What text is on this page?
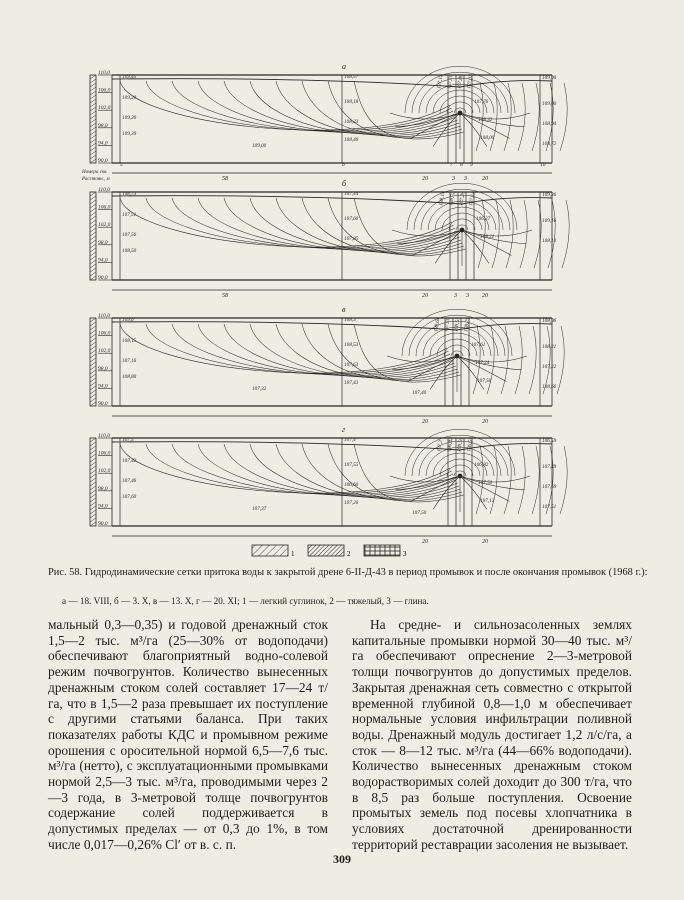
а
110,0
106,0
102,0
98,0
94,0
90,0
109,45	108,57	107,12 107,10 107,08 107,07	109,00
109,20
108,18	107,76	109,00
109,20
108,23	108,32
108,94
109,39
108,40	108,00
108,72
109,00
58	20	3 3	20
Номера скв.
Расстоян., м
5	6	7 8 9	10
б
110,0
106,0
102,0
98,0
94,0
90,0
108,73	107,44	108,14 108,72 107,28 107,14	109,36
107,51
107,60	106,27	109,16
107,56
107,85	108,21
108,10
108,50
58	20	3 3 20
в
110,0
106,0
102,0
98,0
94,0
90,0
109,6	108,3	108,64 107,10 108,53 108,75	108,96
108,15
108,53	107,61	108,21
107,16
107,63	107,24
107,22
108,80
107,43	107,50
108,66
107,32
107,40
20	20
г
110,0
106,0
102,0
98,0
94,0
90,0
107,5	107,4	107,3 106,82 108,59 106,53	106,59
107,42
107,55	106,82	107,49
107,46
106,60	107,50
107,69
107,60
107,20	107,12
107,51
107,37
107,50
20	20
1	2	3
Рис. 58. Гидродинамические сетки притока воды к закрытой дрене 6-II-Д-43 в период промывок и после окончания промывок (1968 г.):
а — 18. VIII, б — 3. X, в — 13. X, г — 20. XI; 1 — легкий суглинок, 2 — тяжелый, 3 — глина.

мальный 0,3—0,35) и годовой дренажный сток 1,5—2 тыс. м³/га (25—30% от водоподачи) обеспечивают благоприятный водно-солевой режим почвогрунтов. Количество вынесенных дренажным стоком солей составляет 17—24 т/га, что в 1,5—2 раза превышает их поступление с другими статьями баланса. При таких показателях работы КДС и промывном режиме орошения с оросительной нормой 6,5—7,6 тыс. м³/га (нетто), с эксплуатационными промывками нормой 2,5—3 тыс. м³/га, проводимыми через 2—3 года, в 3-метровой толще почвогрунтов содержание солей поддерживается в допустимых пределах — от 0,3 до 1%, в том числе 0,017—0,26% Cl′ от в. с. п.

На средне- и сильнозасоленных землях капитальные промывки нормой 30—40 тыс. м³/га обеспечивают опреснение 2—3-метровой толщи почвогрунтов до допустимых пределов. Закрытая дренажная сеть совместно с открытой временной глубиной 0,8—1,0 м обеспечивает нормальные условия инфильтрации поливной воды. Дренажный модуль достигает 1,2 л/с/га, а сток — 8—12 тыс. м³/га (44—66% водоподачи). Количество вынесенных дренажным стоком водорастворимых солей доходит до 300 т/га, что в 8,5 раз больше поступления. Освоение промытых земель под посевы хлопчатника в условиях достаточной дренированности территорий реставрации засоления не вызывает.

309
